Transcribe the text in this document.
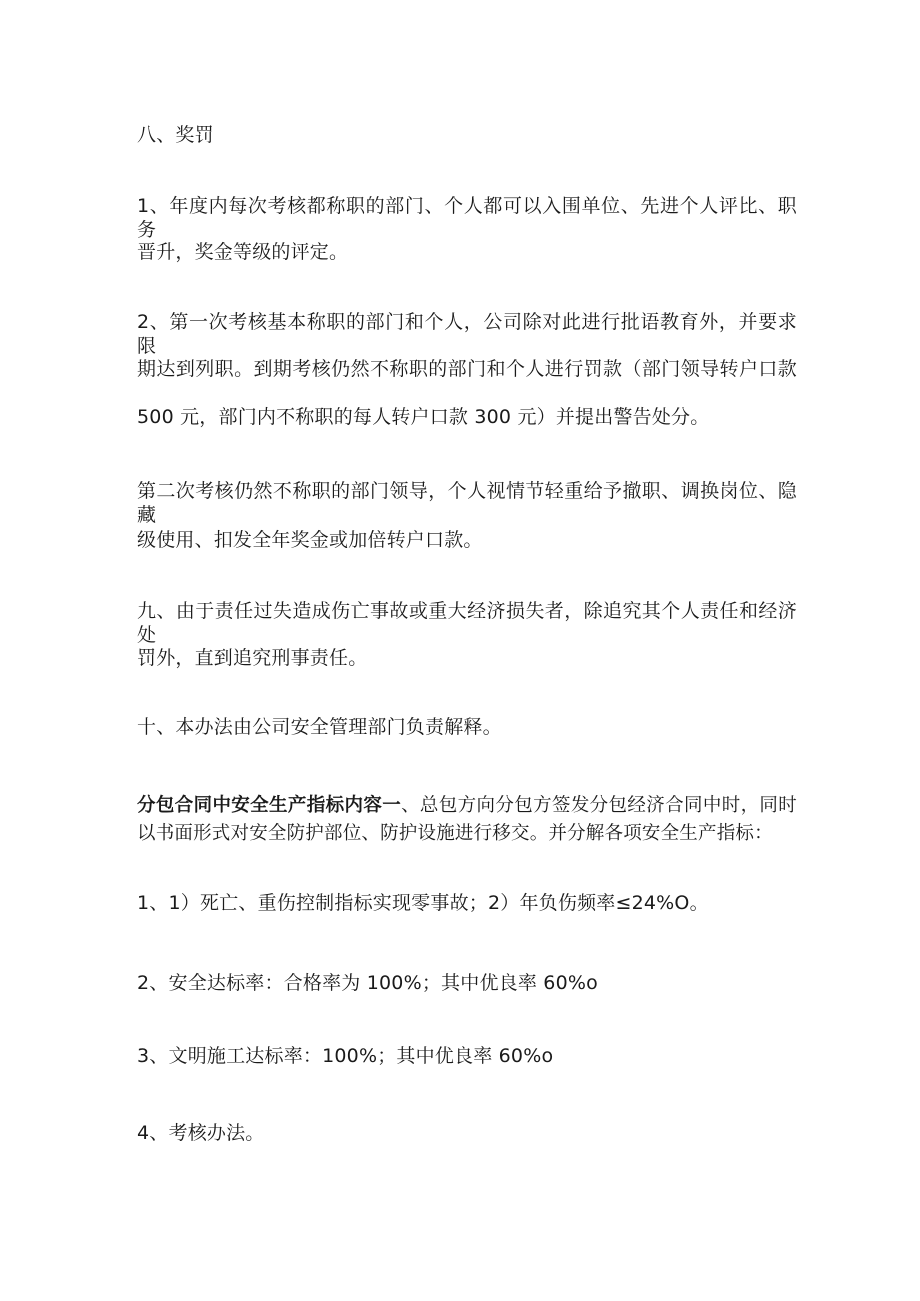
八、奖罚
1、年度内每次考核都称职的部门、个人都可以入围单位、先进个人评比、职务
晋升，奖金等级的评定。
2、第一次考核基本称职的部门和个人，公司除对此进行批语教育外，并要求限
期达到列职。到期考核仍然不称职的部门和个人进行罚款（部门领导转户口款
500 元，部门内不称职的每人转户口款 300 元）并提出警告处分。
第二次考核仍然不称职的部门领导，个人视情节轻重给予撤职、调换岗位、隐藏
级使用、扣发全年奖金或加倍转户口款。
九、由于责任过失造成伤亡事故或重大经济损失者，除追究其个人责任和经济处
罚外，直到追究刑事责任。
十、本办法由公司安全管理部门负责解释。
分包合同中安全生产指标内容一、总包方向分包方签发分包经济合同中时，同时
以书面形式对安全防护部位、防护设施进行移交。并分解各项安全生产指标：
1、1）死亡、重伤控制指标实现零事故；2）年负伤频率≤24%O。
2、安全达标率：合格率为 100%；其中优良率 60%o
3、文明施工达标率：100%；其中优良率 60%o
4、考核办法。
